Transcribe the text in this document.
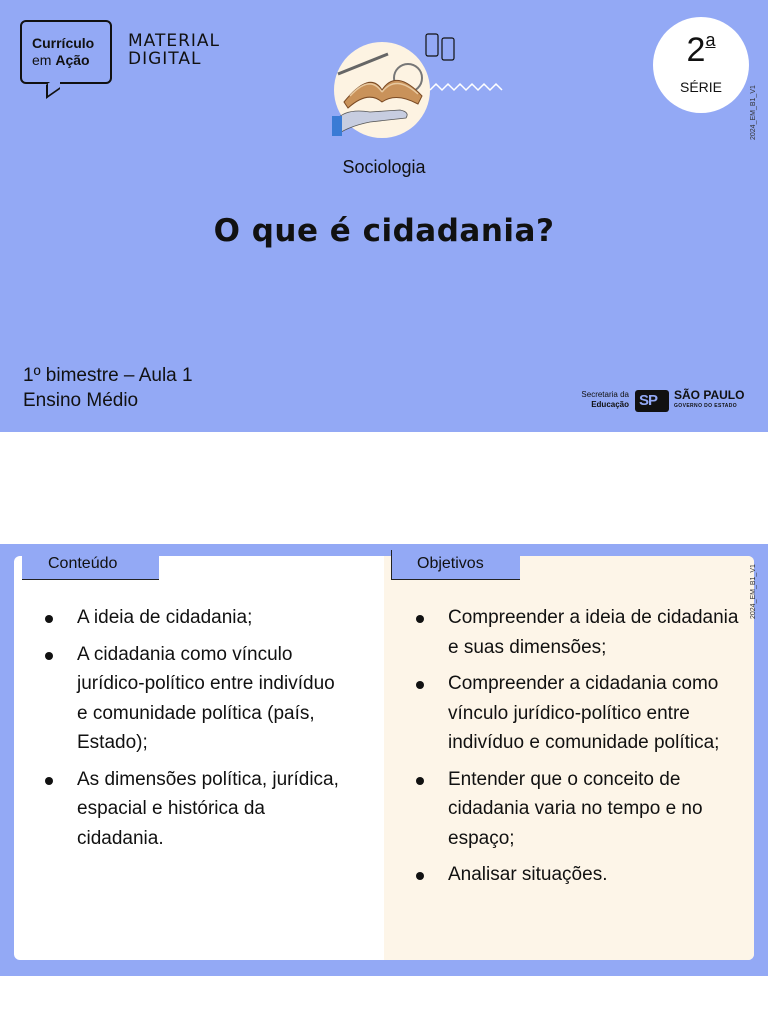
Currículo
em Ação
MATERIAL
DIGITAL	2$^a$
SÉRIE	2024_EM_B1_V1
Sociologia
O que é cidadania?
1º bimestre – Aula 1
Ensino Médio	Secretaria da
Educação SP SÃO PAULO
GOVERNO DO ESTADO
A ideia de cidadania;
A cidadania como vínculo jurídico-político entre indivíduo e comunidade política (país, Estado);
As dimensões política, jurídica, espacial e histórica da cidadania.
Compreender a ideia de cidadania e suas dimensões;
Compreender a cidadania como vínculo jurídico-político entre indivíduo e comunidade política;
Entender que o conceito de cidadania varia no tempo e no espaço;
Analisar situações.
Conteúdo	Objetivos
2024_EM_B1_V1
